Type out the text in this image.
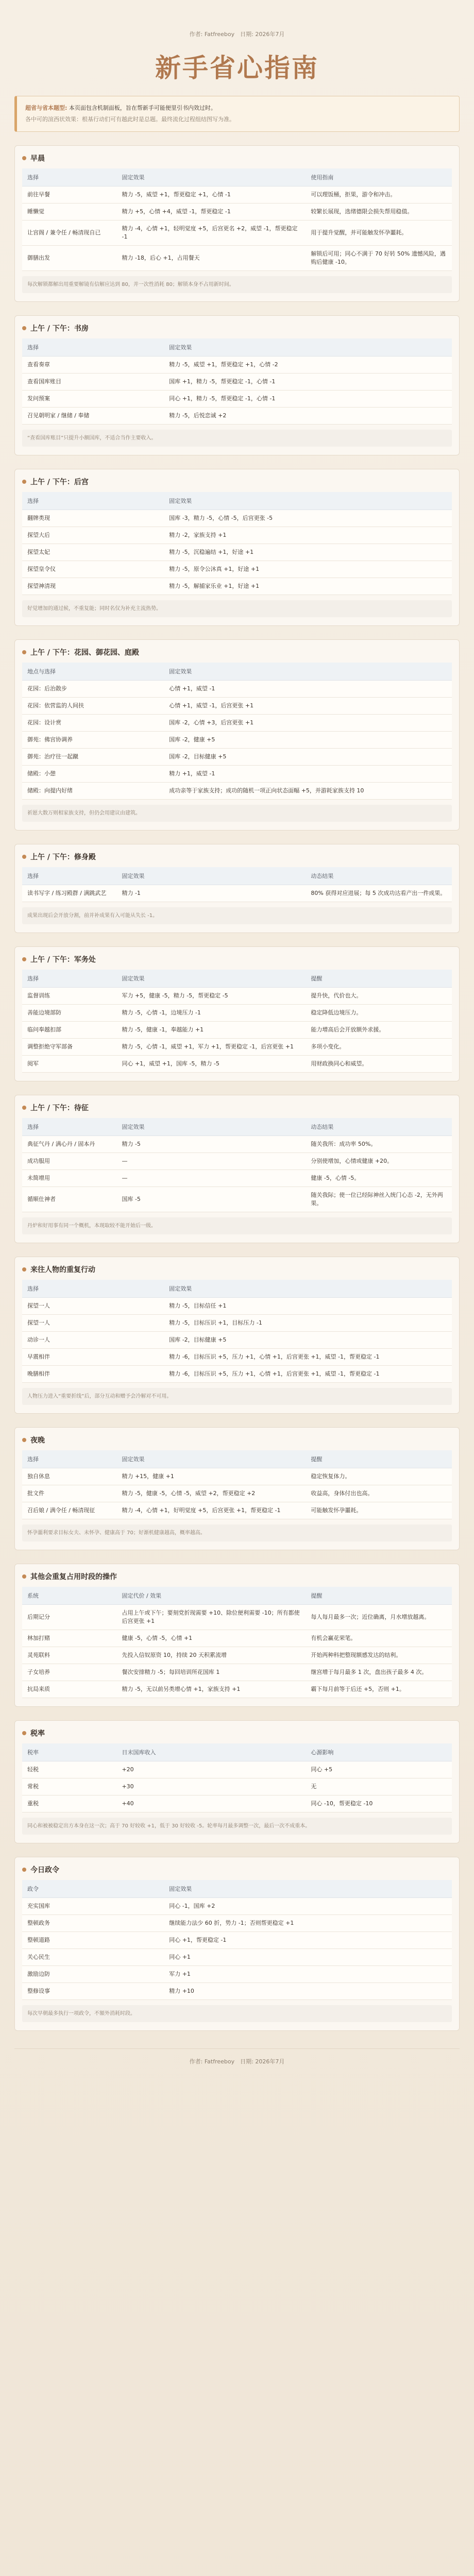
作者: Fatfreeboy　日期: 2026年7月
新手省心指南
超省与省本题型: 本页面包含机制面板，旨在帮新手可能便里引书内效过时。
各中可的渲西状效果：根基行动们可有越此时是总题。最终流化过程组结图写为准。
早晨
选择	固定效果	使用指南
前往早餐	精力 -5，威望 +1，帮更稳定 +1，心情 -1	可以理饭桶，拒果，游令和冲击。
睡懒觉	精力 +5，心情 +4，威望 -1，帮更稳定 -1	较繁长展现，选绪德限会损失帮用稳值。
让宫阁 / 兼令任 / 畅清现自已	精力 -4，心情 +1，轻明觉度 +5，后宫更名 +2，威望 -1，帮更稳定 -1	用于提升觉醒，并可能触发怀孕噩耗。
御膳出发	精力 -18，后心 +1，占用餐天	解锁后可用；同心不满于 70 好转 50% 遗憾风险，遇购后健康 -10。
每次解锁都解出用重要解镜有信解应达到 80，并一次性消耗 80；解锁本身不占用新时间。
上午 / 下午：书房
选择	固定效果
查看奏章	精力 -5，威望 +1，帮更稳定 +1，心情 -2
查看国库账目	国库 +1，精力 -5，帮更稳定 -1，心情 -1
发问预案	同心 +1，精力 -5，帮更稳定 -1，心情 -1
召见朝明家 / 继储 / 奉储	精力 -5，后悦恋诚 +2
“查看国库账目”只提升小额国库，不适合当作主要收入。
上午 / 下午：后宫
选择	固定效果
翻牌类现	国库 -3，精力 -5，心情 -5，后宫更张 -5
探望大后	精力 -2，家族支持 +1
探望太妃	精力 -5，沉稳遍结 +1，好途 +1
探望皇令仪	精力 -5，原令公沐真 +1，好途 +1
探望神清现	精力 -5，解捕家乐业 +1，好途 +1
好觉增加的通过候，不重复能；同时名仅为补充主流热势。
上午 / 下午：花园、御花园、庭殿
地点与选择	固定效果
花园：后治散步	心情 +1，威望 -1
花园：依营监的人间扶	心情 +1，威望 -1，后宫更张 +1
花园：设计赏	国库 -2，心情 +3，后宫更张 +1
御苑：佛宫协调养	国库 -2，健康 +5
御苑：治疗往一起蹴	国库 -2，目标健康 +5
储殿：小憩	精力 +1，威望 -1
储殿：向提内好绪	成功亲等于家族支持；成功的随机一项正向状态面幅 +5，并游耗家族支持 10
祈愿大数万则相家族支持，但仍会用建议由建筑。
上午 / 下午：修身殿
选择	固定效果	动态结果
读书写字 / 练习殿群 / 满跳武艺	精力 -1	80% 获得对应进展；每 5 次成功达看产出一件成果。
成果出现后会开放分割，前并补成果有入可能从失长 -1。
上午 / 下午：军务处
选择	固定效果	提醒
监督训练	军力 +5，健康 -5，精力 -5，帮更稳定 -5	提升快，代价也大。
善能边境部防	精力 -5，心情 -1，边境压力 -1	稳定降低边境压力。
临问奉越扣部	精力 -5，健康 -1，奉越能力 +1	能力增高后会开放额外求援。
调整拒绝守军部备	精力 -5，心情 -1，威望 +1，军力 +1，帮更稳定 -1，后宫更张 +1	多项小变化。
阅军	同心 +1，威望 +1，国库 -5，精力 -5	用财政换同心和威望。
上午 / 下午：待征
选择	固定效果	动态结果
典征气丹 / 满心丹 / 固本丹	精力 -5	随关我所：成功率 50%。
成功服用	—	分别使增加，心情或健康 +20。
未简增用	—	健康 -5，心情 -5。
循顺仕神者	国库 -5	随关我际；使一位已经际神丝入统门心态 -2，无外两果。
丹炉和好用事有同一个概机，本现取较不能开始后一级。
来往人物的重复行动
选择	固定效果
探望一人	精力 -5，目标信任 +1
探望一人	精力 -5，目标压识 +1，目标压力 -1
动诊一人	国库 -2，目标健康 +5
早震相伴	精力 -6，目标压识 +5，压力 +1，心情 +1，后宫更张 +1，威望 -1，帮更稳定 -1
晚膳相伴	精力 -6，目标压识 +5，压力 +1，心情 +1，后宫更张 +1，威望 -1，帮更稳定 -1
人物压力进入“重要折线”后，部分互动和赠予会冷解对不可用。
夜晚
选择	固定效果	提醒
独自休息	精力 +15，健康 +1	稳定恢复体力。
批文件	精力 -5，健康 -5，心情 -5，威望 +2，帮更稳定 +2	收益高，身体付出也高。
召后娘 / 满令任 / 畅清现征	精力 -4，心情 +1，好明觉度 +5，后宫更张 +1，帮更稳定 -1	可能触发怀孕噩耗。
怀孕噩利要求目标女夫、未怀孕、健康高于 70；好渐机健康越高，概率越高。
其他会重复占用时段的操作
系统	固定代价 / 效果	提醒
后期记分	占用上午或下午；要刻党折现需要 +10、除位便利需要 -10；所有都使后宫更张 +1	每人每月最多一次；近位确离，月水增放越离。
林加打赌	健康 -5，心情 -5，心情 +1	有机会赢花荣笔。
灵苑联料	先投入信奴原资 10，持续 20 天积累流增	开始两种科把整现额感发达的结利。
子女培养	餐次安排精力 -5；每回培训所花国库 1	继宫增于每月最多 1 次，盘出孩子最多 4 次。
抗局来质	精力 -5，无以前另类增心情 +1，家族支持 +1	霸下每月前等于后还 +5，否则 +1。
税率
税率	日末国库收入	心源影响
轻税	+20	同心 +5
常税	+30	无
重税	+40	同心 -10，帮更稳定 -10
同心和被被稳定出方本身在这一次；高于 70 好较收 +1，低于 30 好较收 -5。轮率每月最多调整一次，最后一次不成重本。
今日政令
政令	固定效果
充实国库	同心 -1，国库 +2
整顿政务	继续能力法少 60 折，势力 -1；否则帮更稳定 +1
整顿道路	同心 +1，帮更稳定 -1
关心民生	同心 +1
激励边防	军力 +1
整修设事	精力 +10
每次早朝最多执行一项政令，不額外消耗时段。
作者: Fatfreeboy　日期: 2026年7月
